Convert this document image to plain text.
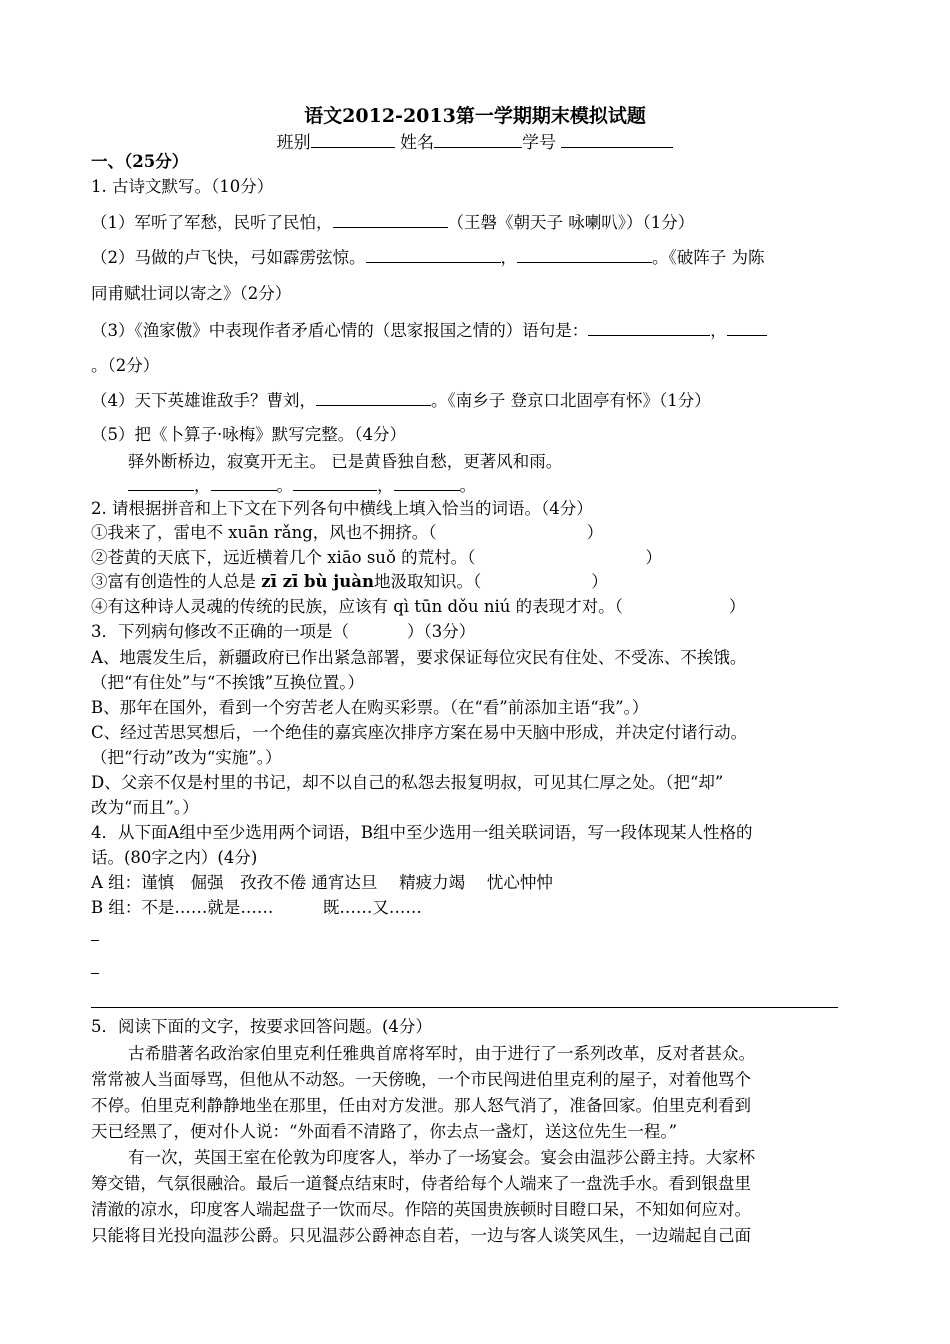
语文2012-2013第一学期期末模拟试题
班别	姓名	学号
一、（25分）
1. 古诗文默写。（10分）
（1）军听了军愁，民听了民怕，	（王磐《朝天子 咏喇叭》）（1分）
（2）马做的卢飞快，弓如霹雳弦惊。	，	。《破阵子 为陈
同甫赋壮词以寄之》（2分）
（3）《渔家傲》中表现作者矛盾心情的（思家报国之情的）语句是：	，
。（2分）
（4）天下英雄谁敌手？曹刘，	。《南乡子 登京口北固亭有怀》（1分）
（5）把《卜算子·咏梅》默写完整。（4分）
驿外断桥边，寂寞开无主。 已是黄昏独自愁，更著风和雨。
，	。	，	。
2. 请根据拼音和上下文在下列各句中横线上填入恰当的词语。（4分）
①我来了，雷电不 xuān rǎng，风也不拥挤。（	）
②苍黄的天底下，远近横着几个 xiāo suǒ 的荒村。（	）
③富有创造性的人总是 zī zī bù juàn地汲取知识。（	）
④有这种诗人灵魂的传统的民族，应该有 qì tūn dǒu niú 的表现才对。（	）
3．下列病句修改不正确的一项是（	）（3分）
A、地震发生后，新疆政府已作出紧急部署，要求保证每位灾民有住处、不受冻、不挨饿。
（把“有住处”与“不挨饿”互换位置。）
B、那年在国外，看到一个穷苦老人在购买彩票。（在“看”前添加主语“我”。）
C、经过苦思冥想后，一个绝佳的嘉宾座次排序方案在易中天脑中形成，并决定付诸行动。
（把“行动”改为“实施”。）
D、父亲不仅是村里的书记，却不以自己的私怨去报复明叔，可见其仁厚之处。（把“却”
改为“而且”。）
4．从下面A组中至少选用两个词语，B组中至少选用一组关联词语，写一段体现某人性格的
话。(80字之内）(4分)
A 组：谨慎　倔强　孜孜不倦 通宵达旦　 精疲力竭　 忧心忡忡
B 组：不是……就是……　　　既……又……
5．阅读下面的文字，按要求回答问题。(4分）
古希腊著名政治家伯里克利任雅典首席将军时，由于进行了一系列改革，反对者甚众。
常常被人当面辱骂，但他从不动怒。一天傍晚，一个市民闯进伯里克利的屋子，对着他骂个
不停。伯里克利静静地坐在那里，任由对方发泄。那人怒气消了，准备回家。伯里克利看到
天已经黑了，便对仆人说：“外面看不清路了，你去点一盏灯，送这位先生一程。”
有一次，英国王室在伦敦为印度客人，举办了一场宴会。宴会由温莎公爵主持。大家杯
筹交错，气氛很融洽。最后一道餐点结束时，侍者给每个人端来了一盘洗手水。看到银盘里
清澈的凉水，印度客人端起盘子一饮而尽。作陪的英国贵族顿时目瞪口呆，不知如何应对。
只能将目光投向温莎公爵。只见温莎公爵神态自若，一边与客人谈笑风生，一边端起自己面
